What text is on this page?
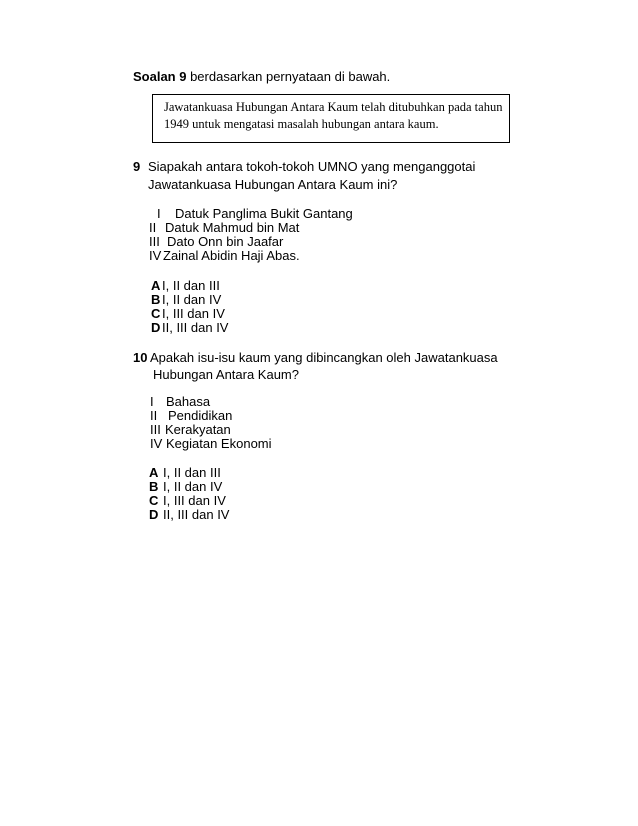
Soalan 9 berdasarkan pernyataan di bawah.
Jawatankuasa Hubungan Antara Kaum telah ditubuhkan pada tahun
1949 untuk mengatasi masalah hubungan antara kaum.
9 Siapakah antara tokoh-tokoh UMNO yang menganggotai
Jawatankuasa Hubungan Antara Kaum ini?
I Datuk Panglima Bukit Gantang
II Datuk Mahmud bin Mat
III Dato Onn bin Jaafar
IV Zainal Abidin Haji Abas.
A I, II dan III
B I, II dan IV
C I, III dan IV
D II, III dan IV
10 Apakah isu-isu kaum yang dibincangkan oleh Jawatankuasa
Hubungan Antara Kaum?
I Bahasa
II Pendidikan
III Kerakyatan
IV Kegiatan Ekonomi
A I, II dan III
B I, II dan IV
C I, III dan IV
D II, III dan IV
